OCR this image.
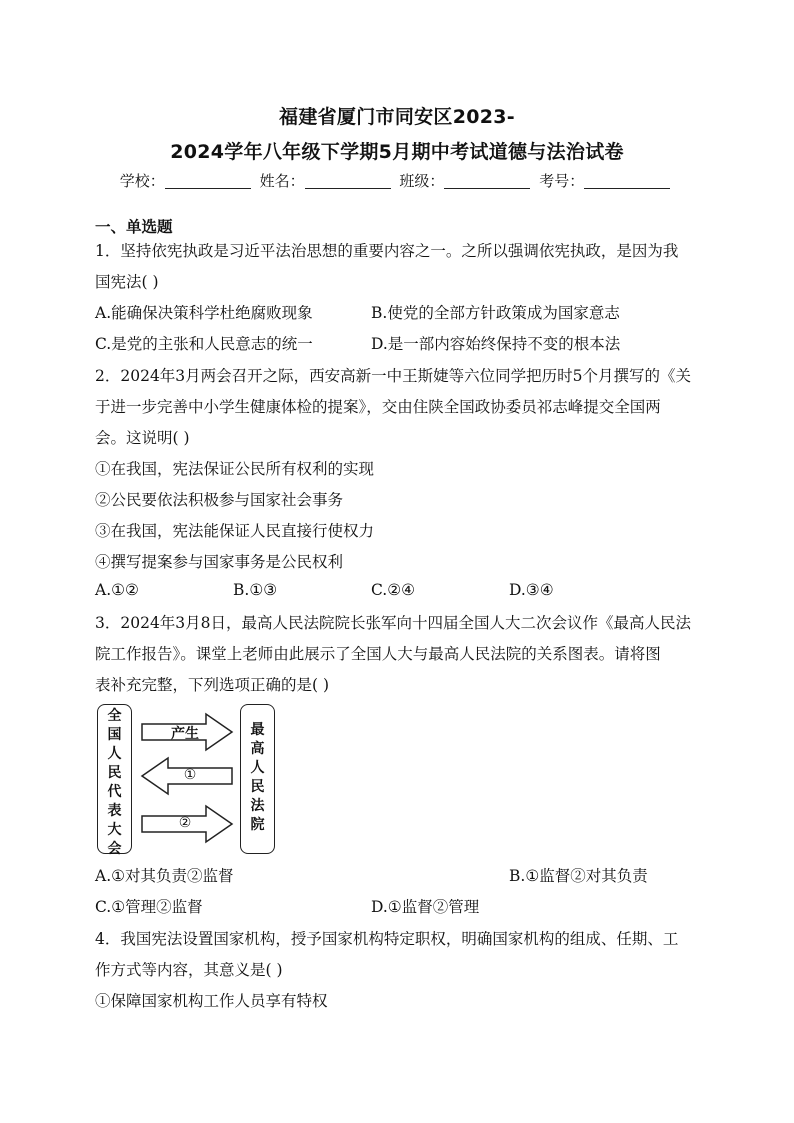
福建省厦门市同安区2023-
2024学年八年级下学期5月期中考试道德与法治试卷
学校：	姓名：	班级：	考号：
一、单选题
1．坚持依宪执政是习近平法治思想的重要内容之一。之所以强调依宪执政，是因为我
国宪法( )
A.能确保决策科学杜绝腐败现象	B.使党的全部方针政策成为国家意志
C.是党的主张和人民意志的统一	D.是一部内容始终保持不变的根本法
2．2024年3月两会召开之际，西安高新一中王斯婕等六位同学把历时5个月撰写的《关
于进一步完善中小学生健康体检的提案》，交由住陕全国政协委员祁志峰提交全国两
会。这说明( )
①在我国，宪法保证公民所有权利的实现
②公民要依法积极参与国家社会事务
③在我国，宪法能保证人民直接行使权力
④撰写提案参与国家事务是公民权利
A.①②	B.①③	C.②④	D.③④
3．2024年3月8日，最高人民法院院长张军向十四届全国人大二次会议作《最高人民法
院工作报告》。课堂上老师由此展示了全国人大与最高人民法院的关系图表。请将图
表补充完整，下列选项正确的是( )
全
国
人
民
代
表
大
会
最
高
人
民
法
院
产生
①
②
A.①对其负责②监督	B.①监督②对其负责
C.①管理②监督	D.①监督②管理
4．我国宪法设置国家机构，授予国家机构特定职权，明确国家机构的组成、任期、工
作方式等内容，其意义是( )
①保障国家机构工作人员享有特权
